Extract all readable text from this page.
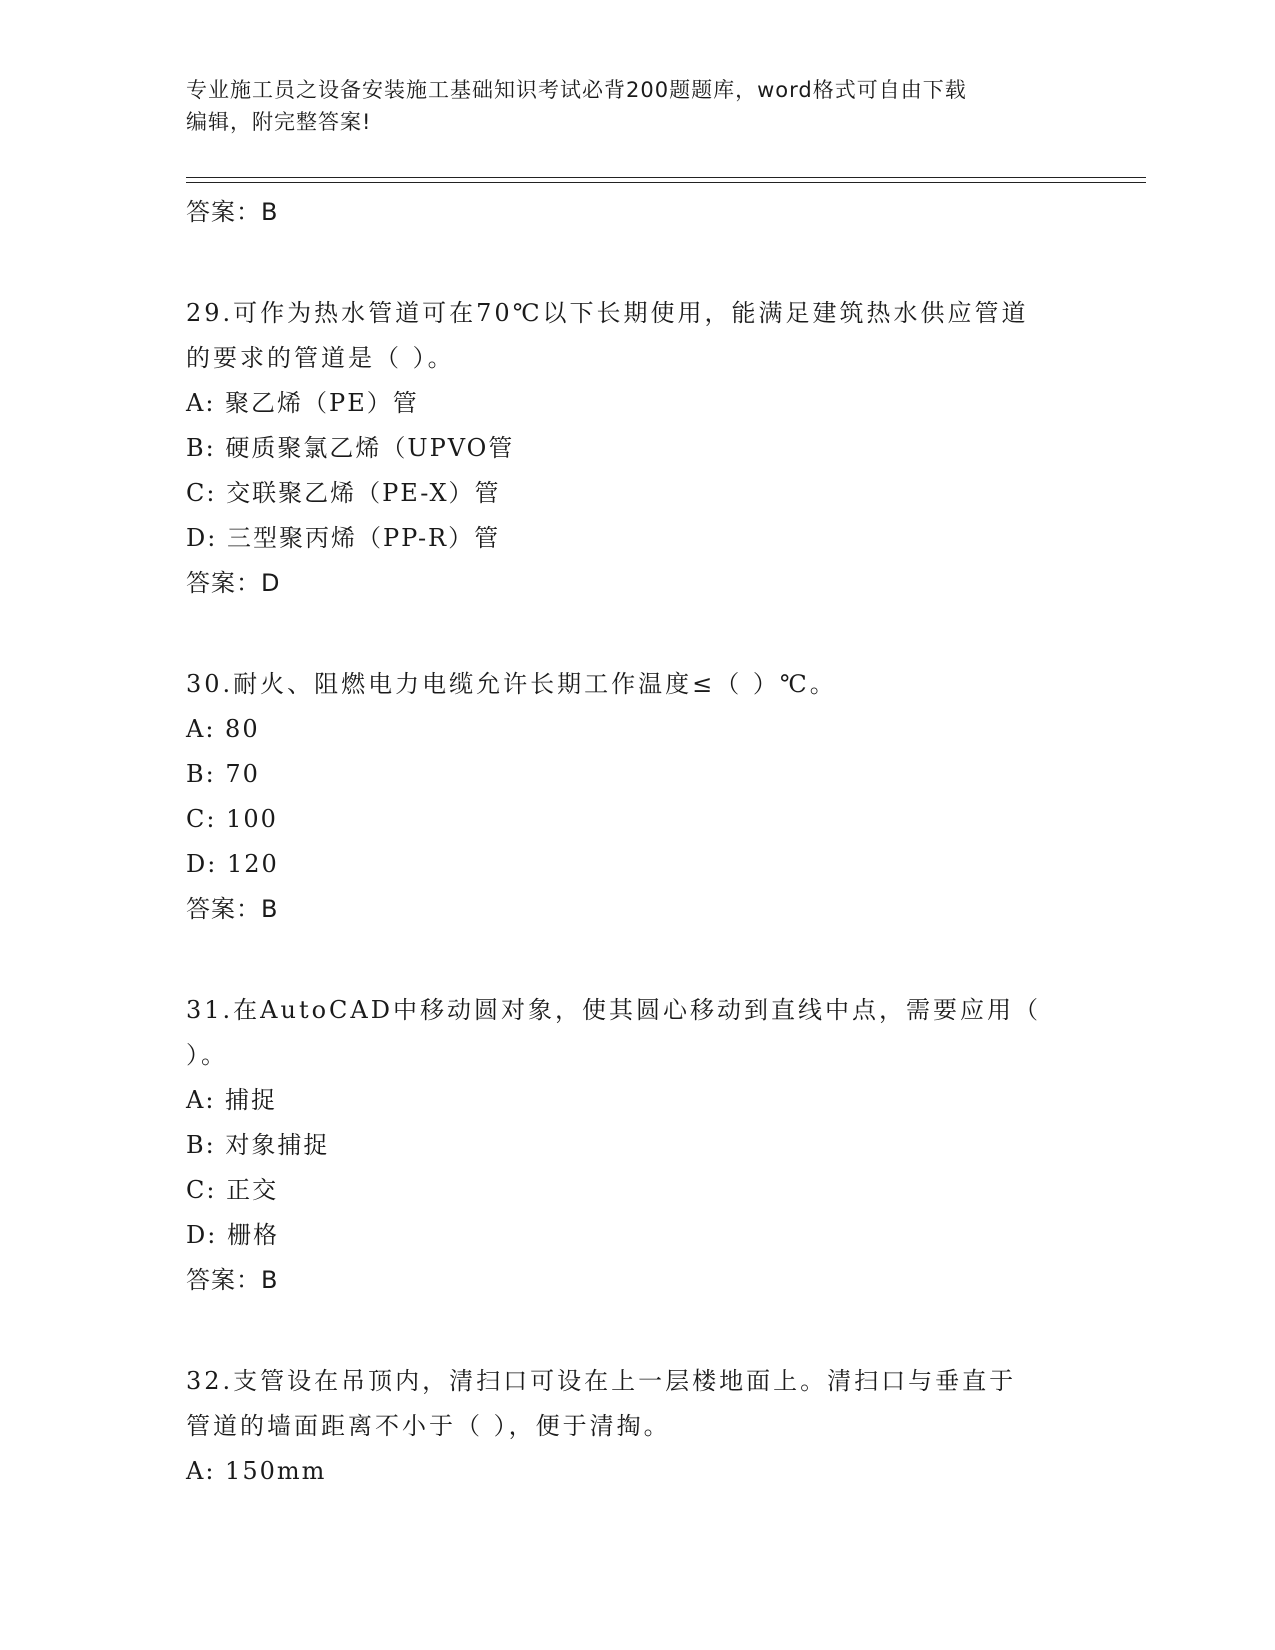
专业施工员之设备安装施工基础知识考试必背200题题库，word格式可自由下载
编辑，附完整答案!

答案：B

29.可作为热水管道可在70℃以下长期使用，能满足建筑热水供应管道

的要求的管道是（ ）。

A: 聚乙烯（PE）管

B: 硬质聚氯乙烯（UPVO管

C: 交联聚乙烯（PE-X）管

D: 三型聚丙烯（PP-R）管

答案：D

30.耐火、阻燃电力电缆允许长期工作温度≤（ ）℃。

A: 80

B: 70

C: 100

D: 120

答案：B

31.在AutoCAD中移动圆对象，使其圆心移动到直线中点，需要应用（

）。

A: 捕捉

B: 对象捕捉

C: 正交

D: 栅格

答案：B

32.支管设在吊顶内，清扫口可设在上一层楼地面上。清扫口与垂直于

管道的墙面距离不小于（ ），便于清掏。

A: 150mm
